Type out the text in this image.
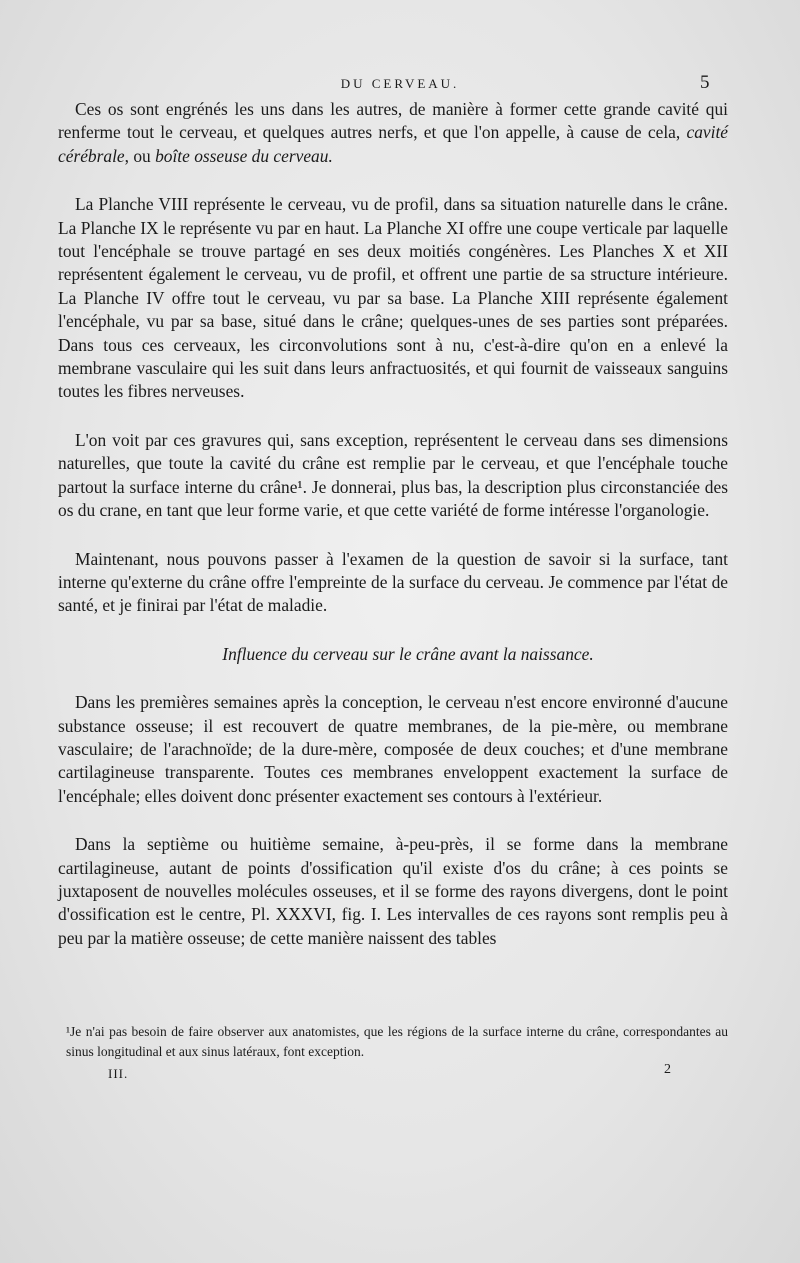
DU CERVEAU.	5

Ces os sont engrénés les uns dans les autres, de manière à former cette grande cavité qui renferme tout le cerveau, et quelques autres nerfs, et que l'on appelle, à cause de cela, cavité cérébrale, ou boîte osseuse du cerveau.

La Planche VIII représente le cerveau, vu de profil, dans sa situation naturelle dans le crâne. La Planche IX le représente vu par en haut. La Planche XI offre une coupe verticale par laquelle tout l'encéphale se trouve partagé en ses deux moitiés congénères. Les Planches X et XII représentent également le cerveau, vu de profil, et offrent une partie de sa structure intérieure. La Planche IV offre tout le cerveau, vu par sa base. La Planche XIII représente également l'encéphale, vu par sa base, situé dans le crâne; quelques-unes de ses parties sont préparées. Dans tous ces cerveaux, les circonvolutions sont à nu, c'est-à-dire qu'on en a enlevé la membrane vasculaire qui les suit dans leurs anfractuosités, et qui fournit de vaisseaux sanguins toutes les fibres nerveuses.

L'on voit par ces gravures qui, sans exception, représentent le cerveau dans ses dimensions naturelles, que toute la cavité du crâne est remplie par le cerveau, et que l'encéphale touche partout la surface interne du crâne¹. Je donnerai, plus bas, la description plus circonstanciée des os du crane, en tant que leur forme varie, et que cette variété de forme intéresse l'organologie.

Maintenant, nous pouvons passer à l'examen de la question de savoir si la surface, tant interne qu'externe du crâne offre l'empreinte de la surface du cerveau. Je commence par l'état de santé, et je finirai par l'état de maladie.

Influence du cerveau sur le crâne avant la naissance.

Dans les premières semaines après la conception, le cerveau n'est encore environné d'aucune substance osseuse; il est recouvert de quatre membranes, de la pie-mère, ou membrane vasculaire; de l'arachnoïde; de la dure-mère, composée de deux couches; et d'une membrane cartilagineuse transparente. Toutes ces membranes enveloppent exactement la surface de l'encéphale; elles doivent donc présenter exactement ses contours à l'extérieur.

Dans la septième ou huitième semaine, à-peu-près, il se forme dans la membrane cartilagineuse, autant de points d'ossification qu'il existe d'os du crâne; à ces points se juxtaposent de nouvelles molécules osseuses, et il se forme des rayons divergens, dont le point d'ossification est le centre, Pl. XXXVI, fig. I. Les intervalles de ces rayons sont remplis peu à peu par la matière osseuse; de cette manière naissent des tables

¹Je n'ai pas besoin de faire observer aux anatomistes, que les régions de la surface interne du crâne, correspondantes au sinus longitudinal et aux sinus latéraux, font exception.
III.	2
